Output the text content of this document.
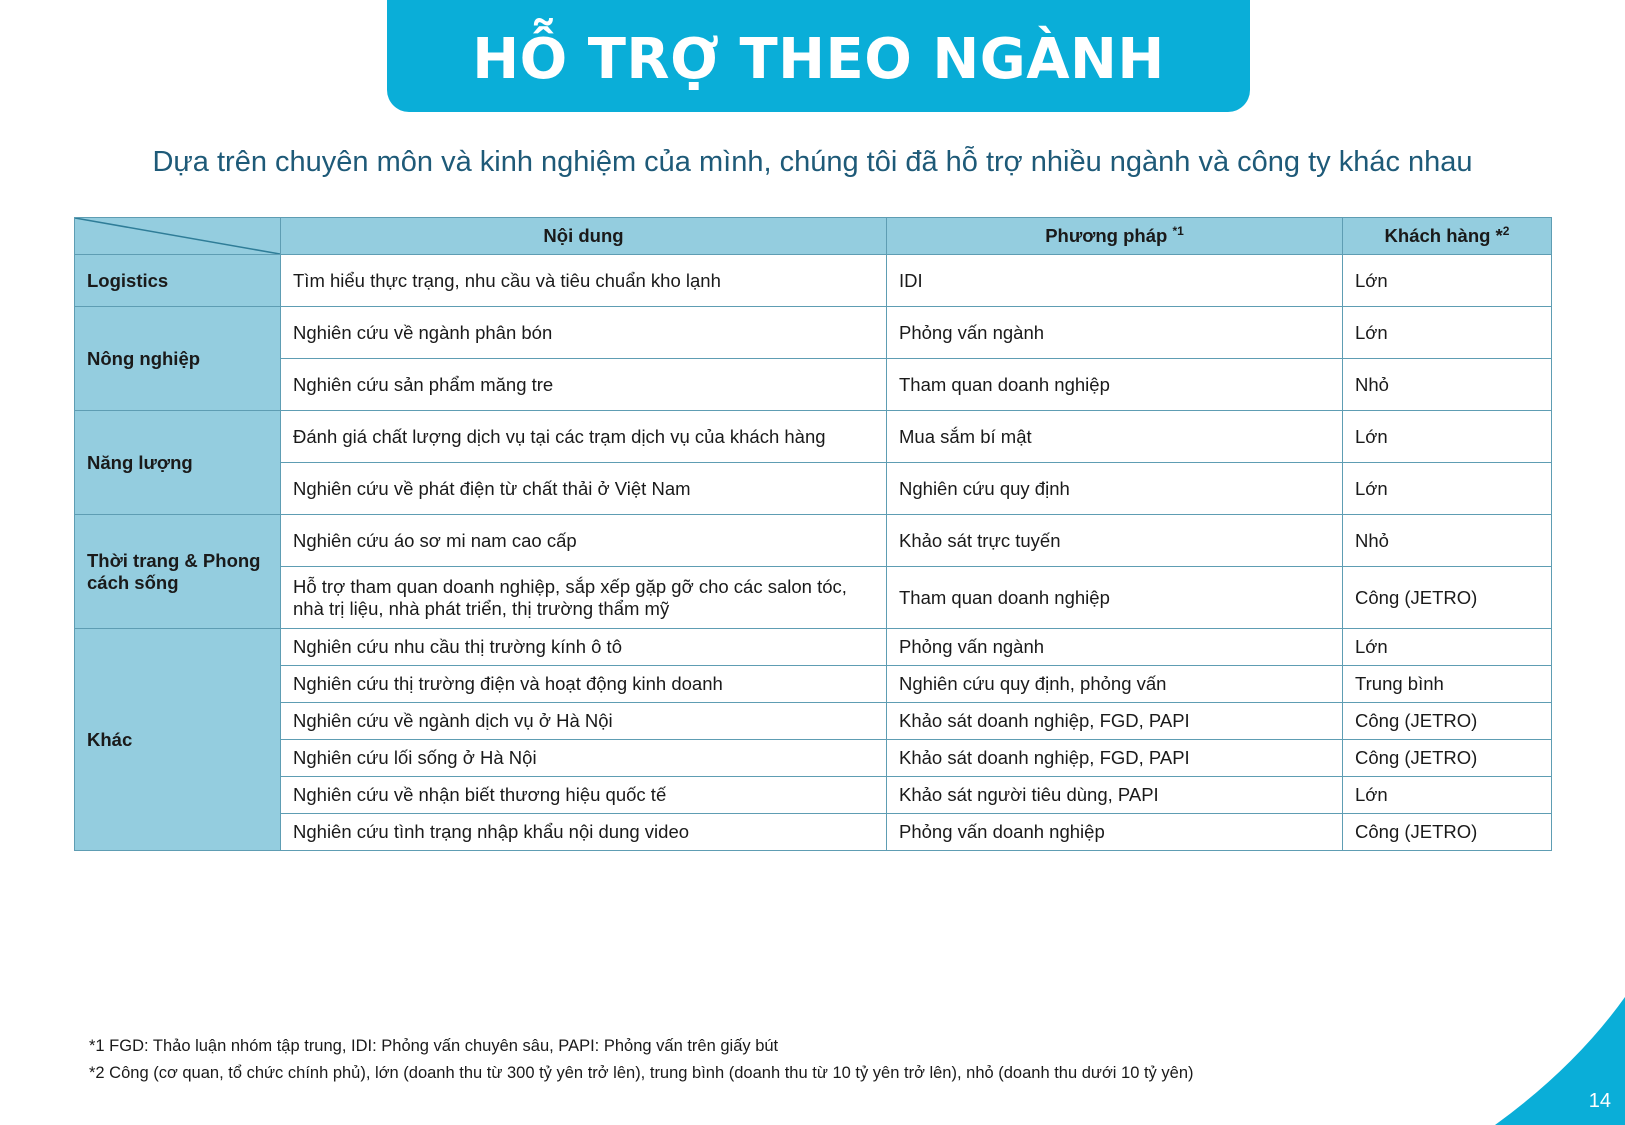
HỖ TRỢ THEO NGÀNH
Dựa trên chuyên môn và kinh nghiệm của mình, chúng tôi đã hỗ trợ nhiều ngành và công ty khác nhau
	Nội dung	Phương pháp $^{*1}$	Khách hàng *$^2$
Logistics	Tìm hiểu thực trạng, nhu cầu và tiêu chuẩn kho lạnh	IDI	Lớn
Nông nghiệp	Nghiên cứu về ngành phân bón	Phỏng vấn ngành	Lớn
	Nghiên cứu sản phẩm măng tre	Tham quan doanh nghiệp	Nhỏ
Năng lượng	Đánh giá chất lượng dịch vụ tại các trạm dịch vụ của khách hàng	Mua sắm bí mật	Lớn
	Nghiên cứu về phát điện từ chất thải ở Việt Nam	Nghiên cứu quy định	Lớn
Thời trang & Phong cách sống	Nghiên cứu áo sơ mi nam cao cấp	Khảo sát trực tuyến	Nhỏ
	Hỗ trợ tham quan doanh nghiệp, sắp xếp gặp gỡ cho các salon tóc, nhà trị liệu, nhà phát triển, thị trường thẩm mỹ	Tham quan doanh nghiệp	Công (JETRO)
Khác	Nghiên cứu nhu cầu thị trường kính ô tô	Phỏng vấn ngành	Lớn
	Nghiên cứu thị trường điện và hoạt động kinh doanh	Nghiên cứu quy định, phỏng vấn	Trung bình
	Nghiên cứu về ngành dịch vụ ở Hà Nội	Khảo sát doanh nghiệp, FGD, PAPI	Công (JETRO)
	Nghiên cứu lối sống ở Hà Nội	Khảo sát doanh nghiệp, FGD, PAPI	Công (JETRO)
	Nghiên cứu về nhận biết thương hiệu quốc tế	Khảo sát người tiêu dùng, PAPI	Lớn
	Nghiên cứu tình trạng nhập khẩu nội dung video	Phỏng vấn doanh nghiệp	Công (JETRO)
*1 FGD: Thảo luận nhóm tập trung, IDI: Phỏng vấn chuyên sâu, PAPI: Phỏng vấn trên giấy bút
*2 Công (cơ quan, tổ chức chính phủ), lớn (doanh thu từ 300 tỷ yên trở lên), trung bình (doanh thu từ 10 tỷ yên trở lên), nhỏ (doanh thu dưới 10 tỷ yên)
14
